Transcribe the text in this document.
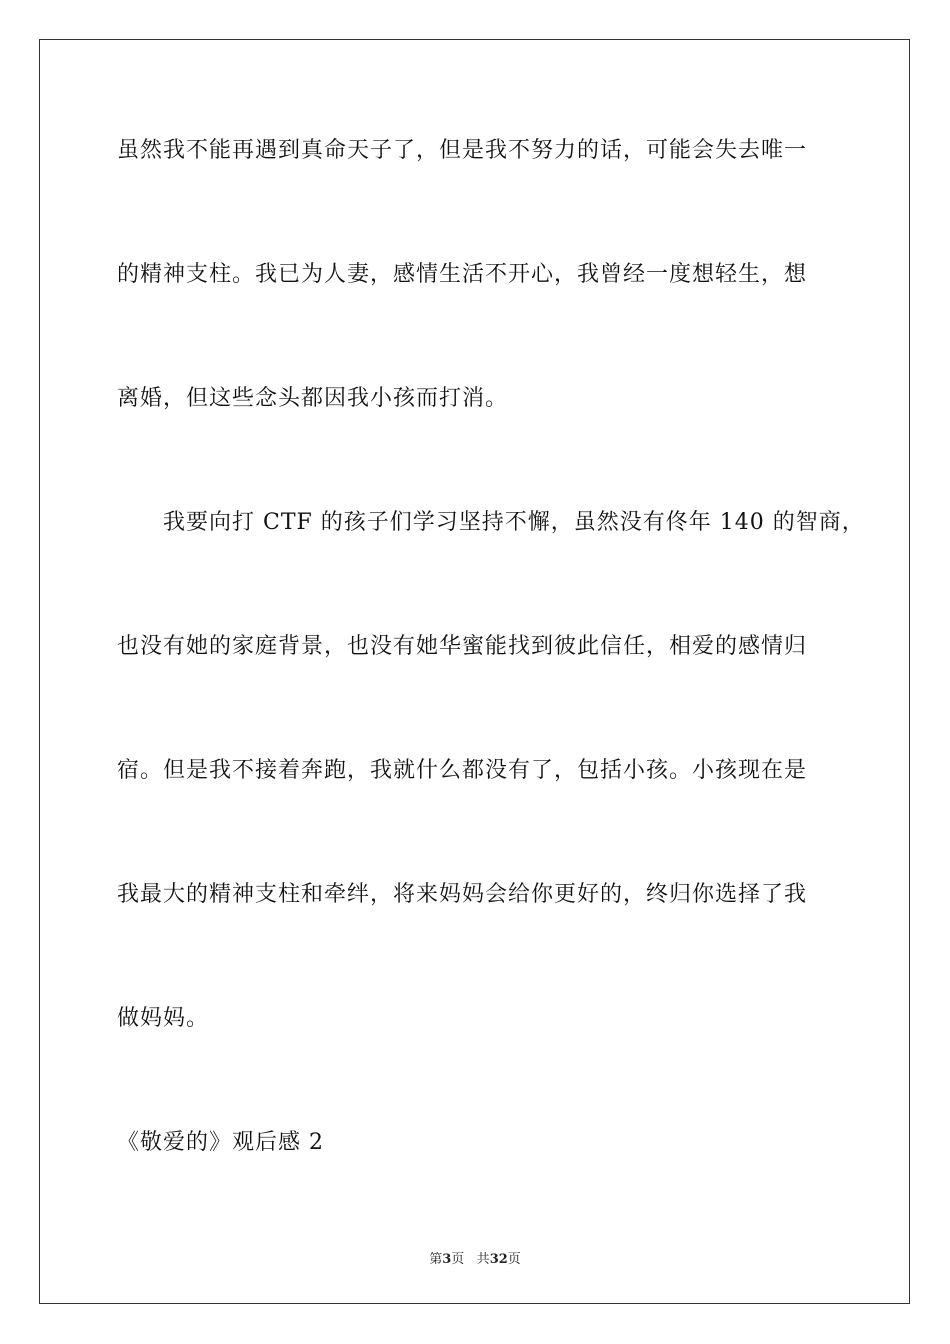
虽然我不能再遇到真命天子了，但是我不努力的话，可能会失去唯一
的精神支柱。我已为人妻，感情生活不开心，我曾经一度想轻生，想
离婚，但这些念头都因我小孩而打消。
我要向打 CTF 的孩子们学习坚持不懈，虽然没有佟年 140 的智商，
也没有她的家庭背景，也没有她华蜜能找到彼此信任，相爱的感情归
宿。但是我不接着奔跑，我就什么都没有了，包括小孩。小孩现在是
我最大的精神支柱和牵绊，将来妈妈会给你更好的，终归你选择了我
做妈妈。
《敬爱的》观后感 2
第3页 共32页
